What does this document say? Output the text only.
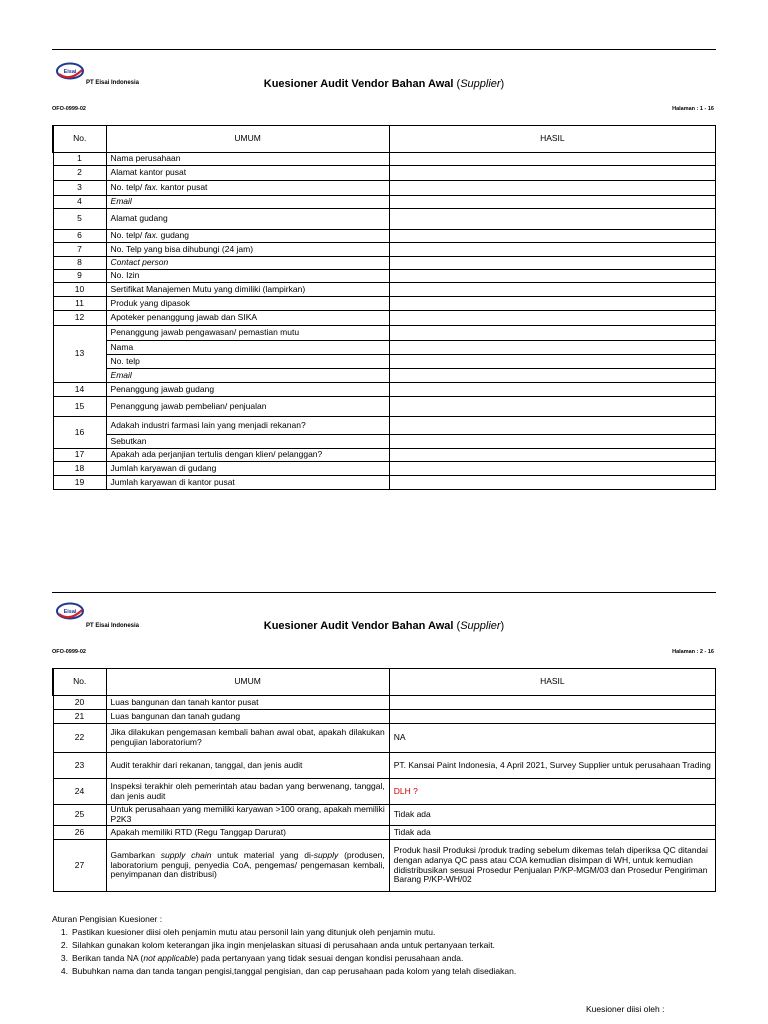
Eisai
PT Eisai Indonesia	Kuesioner Audit Vendor Bahan Awal (Supplier)
OFO-0999-02	Halaman : 1 - 16
No.	UMUM	HASIL
1	Nama perusahaan	
2	Alamat kantor pusat	
3	No. telp/ fax. kantor pusat	
4	Email	
5	Alamat gudang	
6	No. telp/ fax. gudang	
7	No. Telp yang bisa dihubungi (24 jam)	
8	Contact person	
9	No. Izin	
10	Sertifikat Manajemen Mutu yang dimiliki (lampirkan)	
11	Produk yang dipasok	
12	Apoteker penanggung jawab dan SIKA	
13	Penanggung jawab pengawasan/ pemastian mutu	
	Nama	
	No. telp	
	Email	
14	Penanggung jawab gudang	
15	Penanggung jawab pembelian/ penjualan	
16	Adakah industri farmasi lain yang menjadi rekanan?	
	Sebutkan	
17	Apakah ada perjanjian tertulis dengan klien/ pelanggan?	
18	Jumlah karyawan di gudang	
19	Jumlah karyawan di kantor pusat	
Eisai
PT Eisai Indonesia	Kuesioner Audit Vendor Bahan Awal (Supplier)
OFO-0999-02	Halaman : 2 - 16
No.	UMUM	HASIL
20	Luas bangunan dan tanah kantor pusat	
21	Luas bangunan dan tanah gudang	
22	Jika dilakukan pengemasan kembali bahan awal obat, apakah dilakukan pengujian laboratorium?	NA
23	Audit terakhir dari rekanan, tanggal, dan jenis audit	PT. Kansai Paint Indonesia, 4 April 2021, Survey Supplier untuk perusahaan Trading
24	Inspeksi terakhir oleh pemerintah atau badan yang berwenang, tanggal, dan jenis audit	DLH ?
25	Untuk perusahaan yang memiliki karyawan >100 orang, apakah memiliki P2K3	Tidak ada
26	Apakah memiliki RTD (Regu Tanggap Darurat)	Tidak ada
27	Gambarkan supply chain untuk material yang di-supply (produsen, laboratorium penguji, penyedia CoA, pengemas/ pengemasan kembali, penyimpanan dan distribusi)	Produk hasil Produksi /produk trading sebelum dikemas telah diperiksa QC ditandai dengan adanya QC pass atau COA kemudian disimpan di WH, untuk kemudian didistribusikan sesuai Prosedur Penjualan P/KP-MGM/03 dan Prosedur Pengiriman Barang P/KP-WH/02
Aturan Pengisian Kuesioner :
1. Pastikan kuesioner diisi oleh penjamin mutu atau personil lain yang ditunjuk oleh penjamin mutu.
2. Silahkan gunakan kolom keterangan jika ingin menjelaskan situasi di perusahaan anda untuk pertanyaan terkait.
3. Berikan tanda NA (not applicable) pada pertanyaan yang tidak sesuai dengan kondisi perusahaan anda.
4. Bubuhkan nama dan tanda tangan pengisi,tanggal pengisian, dan cap perusahaan pada kolom yang telah disediakan.
Kuesioner diisi oleh :
